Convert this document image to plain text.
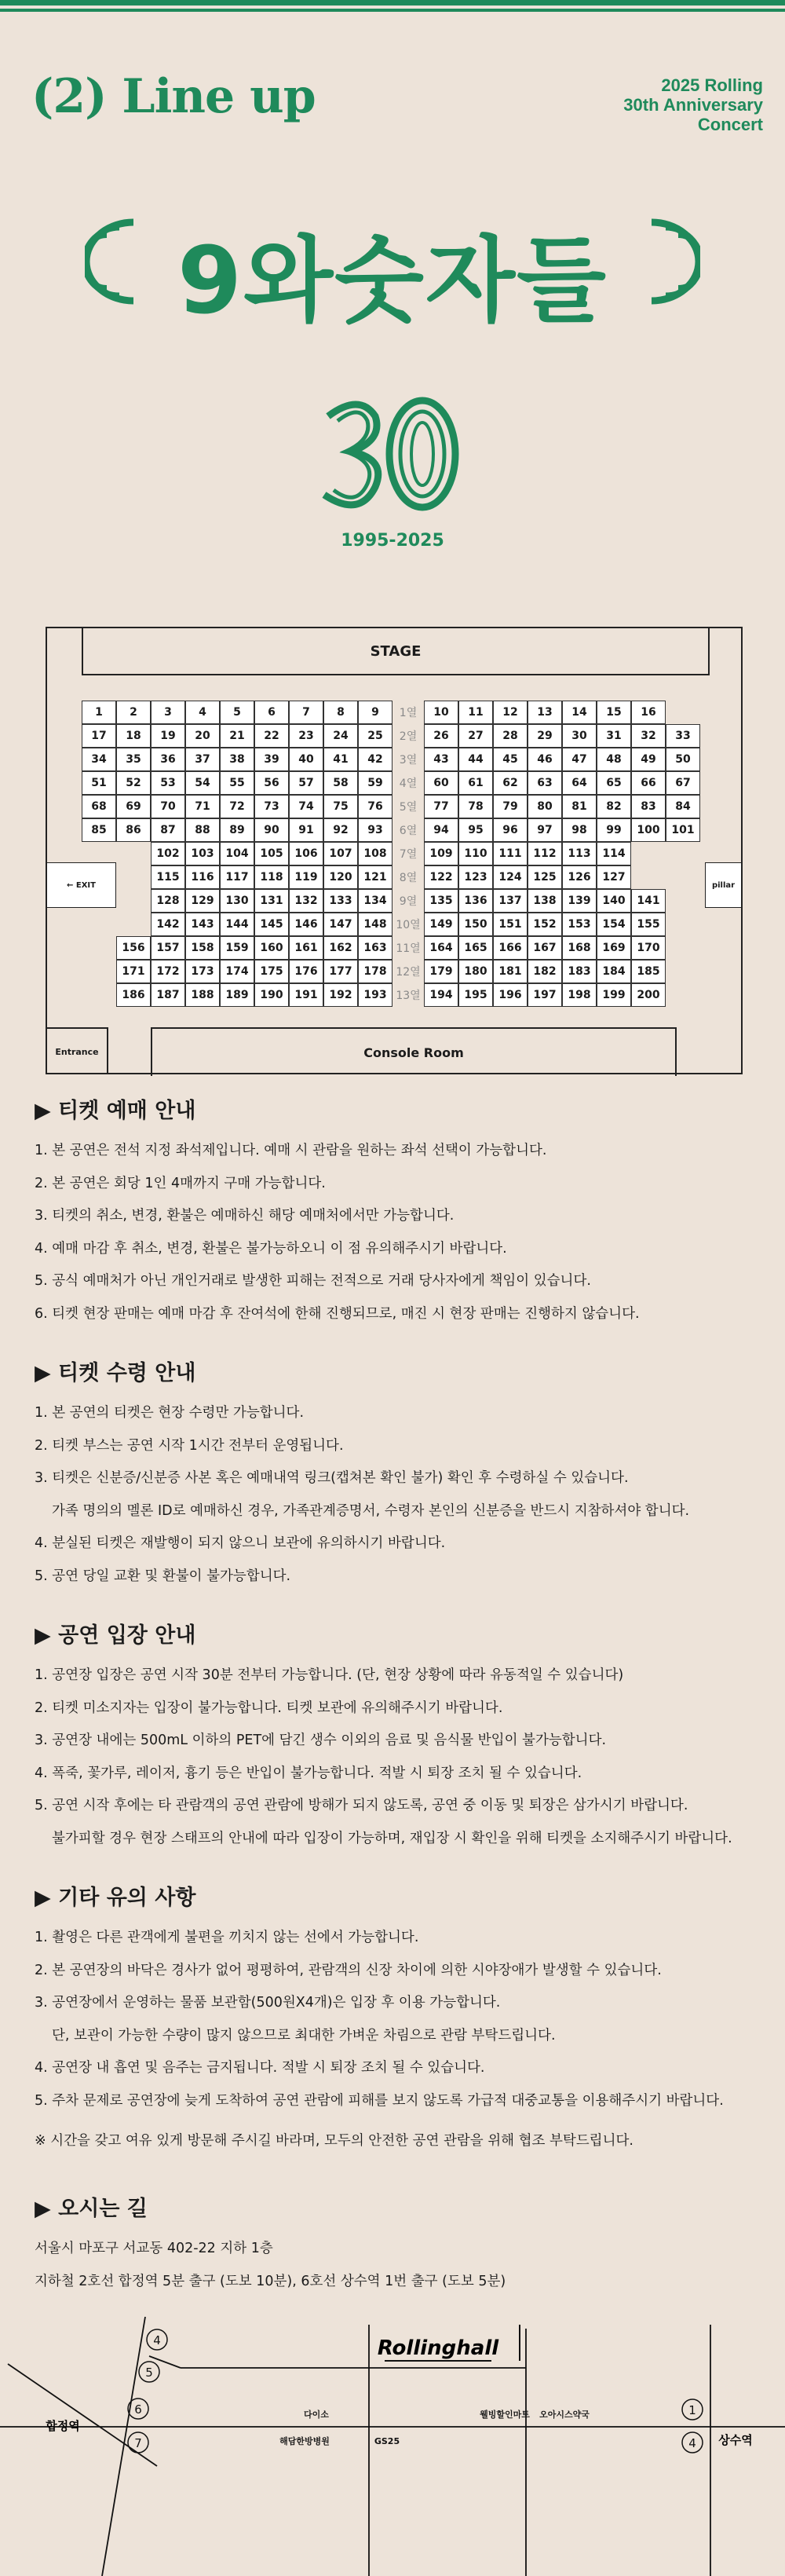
(2) Line up	2025 Rolling
30th Anniversary
Concert
9와숫자들
1995-2025
STAGE
1	2	3	4	5	6	7	8	9	1열	10	11	12	13	14	15	16
17	18	19	20	21	22	23	24	25	2열	26	27	28	29	30	31	32	33
34	35	36	37	38	39	40	41	42	3열	43	44	45	46	47	48	49	50
51	52	53	54	55	56	57	58	59	4열	60	61	62	63	64	65	66	67
68	69	70	71	72	73	74	75	76	5열	77	78	79	80	81	82	83	84
85	86	87	88	89	90	91	92	93	6열	94	95	96	97	98	99	100	101
102	103	104	105	106	107	108	7열	109	110	111	112	113	114
115	116	117	118	119	120	121	8열	122	123	124	125	126	127
128	129	130	131	132	133	134	9열	135	136	137	138	139	140	141
142	143	144	145	146	147	148 10열 149	150	151	152	153	154	155
156	157	158	159	160	161	162	163 11열 164	165	166	167	168	169	170
171	172	173	174	175	176	177	178 12열 179	180	181	182	183	184	185
186	187	188	189	190	191	192	193 13열 194	195	196	197	198	199	200
← EXIT	pillar
Entrance	Console Room
▶ 티켓 예매 안내

1. 본 공연은 전석 지정 좌석제입니다. 예매 시 관람을 원하는 좌석 선택이 가능합니다.

2. 본 공연은 회당 1인 4매까지 구매 가능합니다.

3. 티켓의 취소, 변경, 환불은 예매하신 해당 예매처에서만 가능합니다.

4. 예매 마감 후 취소, 변경, 환불은 불가능하오니 이 점 유의해주시기 바랍니다.

5. 공식 예매처가 아닌 개인거래로 발생한 피해는 전적으로 거래 당사자에게 책임이 있습니다.

6. 티켓 현장 판매는 예매 마감 후 잔여석에 한해 진행되므로, 매진 시 현장 판매는 진행하지 않습니다.

▶ 티켓 수령 안내

1. 본 공연의 티켓은 현장 수령만 가능합니다.

2. 티켓 부스는 공연 시작 1시간 전부터 운영됩니다.

3. 티켓은 신분증/신분증 사본 혹은 예매내역 링크(캡쳐본 확인 불가) 확인 후 수령하실 수 있습니다.

가족 명의의 멜론 ID로 예매하신 경우, 가족관계증명서, 수령자 본인의 신분증을 반드시 지참하셔야 합니다.

4. 분실된 티켓은 재발행이 되지 않으니 보관에 유의하시기 바랍니다.

5. 공연 당일 교환 및 환불이 불가능합니다.

▶ 공연 입장 안내

1. 공연장 입장은 공연 시작 30분 전부터 가능합니다. (단, 현장 상황에 따라 유동적일 수 있습니다)

2. 티켓 미소지자는 입장이 불가능합니다. 티켓 보관에 유의해주시기 바랍니다.

3. 공연장 내에는 500mL 이하의 PET에 담긴 생수 이외의 음료 및 음식물 반입이 불가능합니다.

4. 폭죽, 꽃가루, 레이저, 흉기 등은 반입이 불가능합니다. 적발 시 퇴장 조치 될 수 있습니다.

5. 공연 시작 후에는 타 관람객의 공연 관람에 방해가 되지 않도록, 공연 중 이동 및 퇴장은 삼가시기 바랍니다.

불가피할 경우 현장 스태프의 안내에 따라 입장이 가능하며, 재입장 시 확인을 위해 티켓을 소지해주시기 바랍니다.

▶ 기타 유의 사항

1. 촬영은 다른 관객에게 불편을 끼치지 않는 선에서 가능합니다.

2. 본 공연장의 바닥은 경사가 없어 평평하여, 관람객의 신장 차이에 의한 시야장애가 발생할 수 있습니다.

3. 공연장에서 운영하는 물품 보관함(500원X4개)은 입장 후 이용 가능합니다.

단, 보관이 가능한 수량이 많지 않으므로 최대한 가벼운 차림으로 관람 부탁드립니다.

4. 공연장 내 흡연 및 음주는 금지됩니다. 적발 시 퇴장 조치 될 수 있습니다.

5. 주차 문제로 공연장에 늦게 도착하여 공연 관람에 피해를 보지 않도록 가급적 대중교통을 이용해주시기 바랍니다.

※ 시간을 갖고 여유 있게 방문해 주시길 바라며, 모두의 안전한 공연 관람을 위해 협조 부탁드립니다.
▶ 오시는 길

서울시 마포구 서교동 402-22 지하 1층

지하철 2호선 합정역 5분 출구 (도보 10분), 6호선 상수역 1번 출구 (도보 5분)

Rollinghall
합정역
상수역
4
5
6
7
1
4
다이소
해담한방병원	GS25
웰빙할인마트 오아시스약국
